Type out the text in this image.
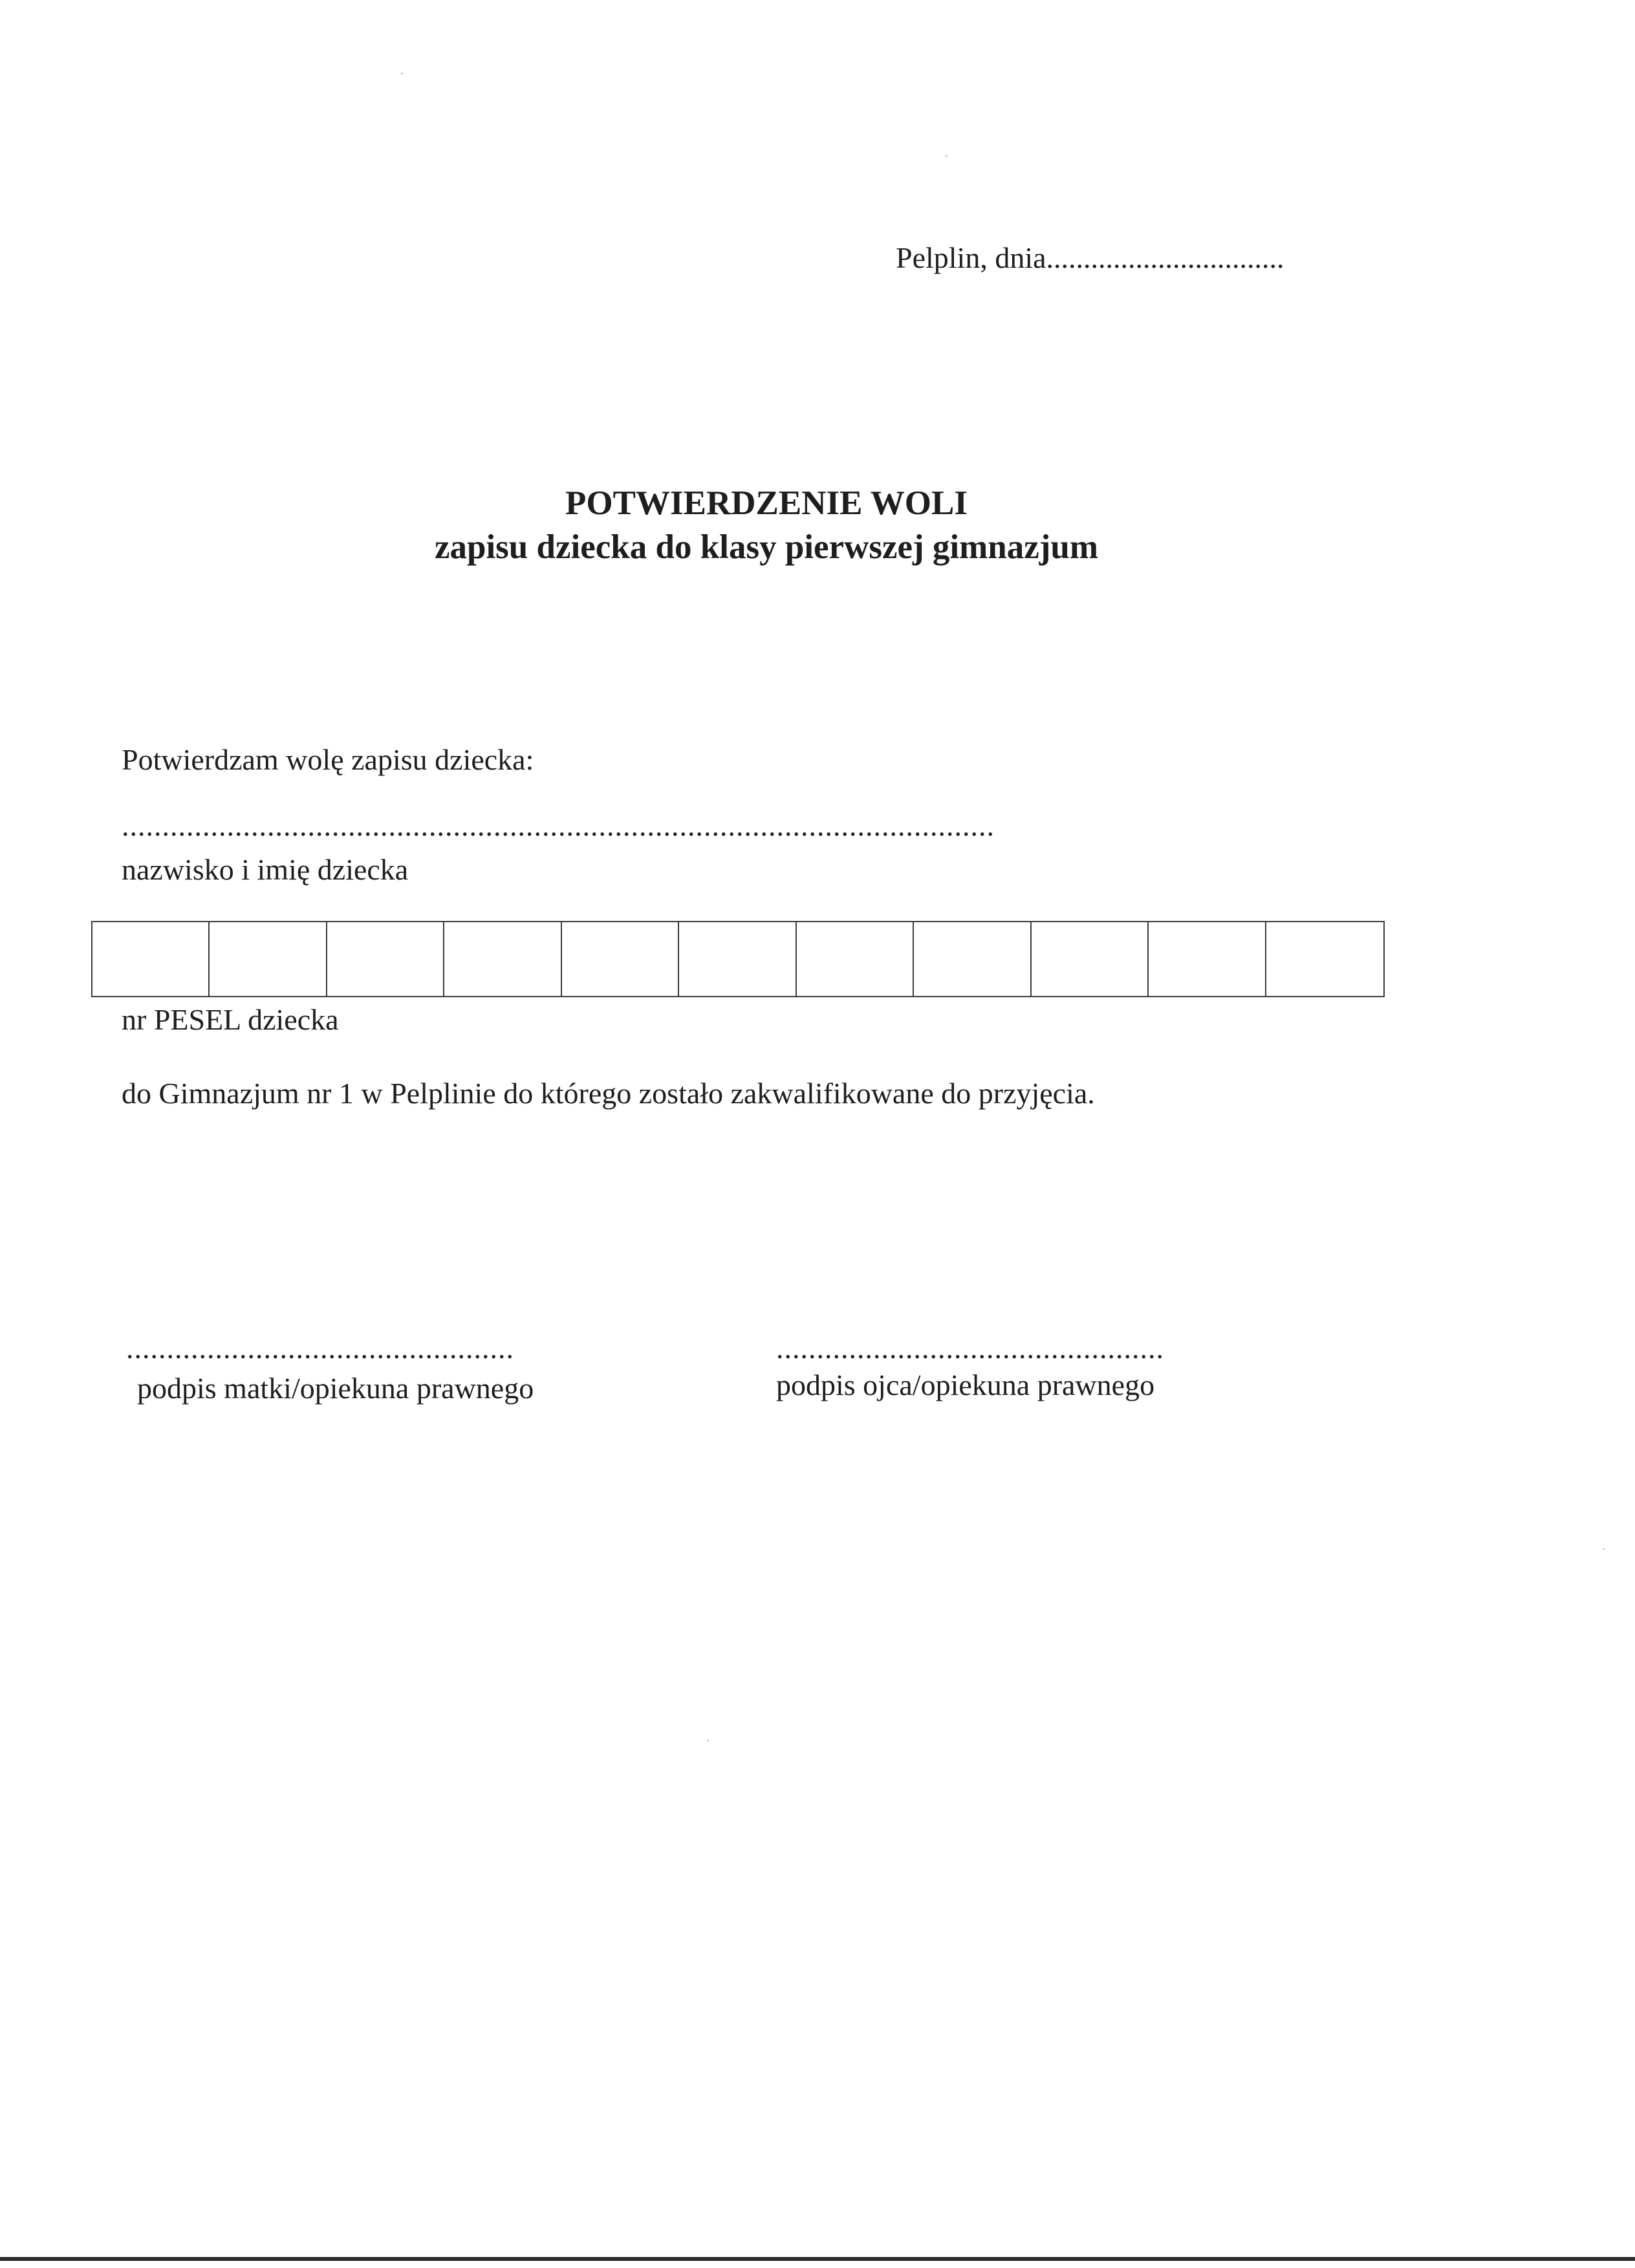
Pelplin, dnia................................
POTWIERDZENIE WOLI
zapisu dziecka do klasy pierwszej gimnazjum
Potwierdzam wolę zapisu dziecka:
............................................................................................................
nazwisko i imię dziecka
nr PESEL dziecka
do Gimnazjum nr 1 w Pelplinie do którego zostało zakwalifikowane do przyjęcia.
................................................
podpis matki/opiekuna prawnego
................................................
podpis ojca/opiekuna prawnego
